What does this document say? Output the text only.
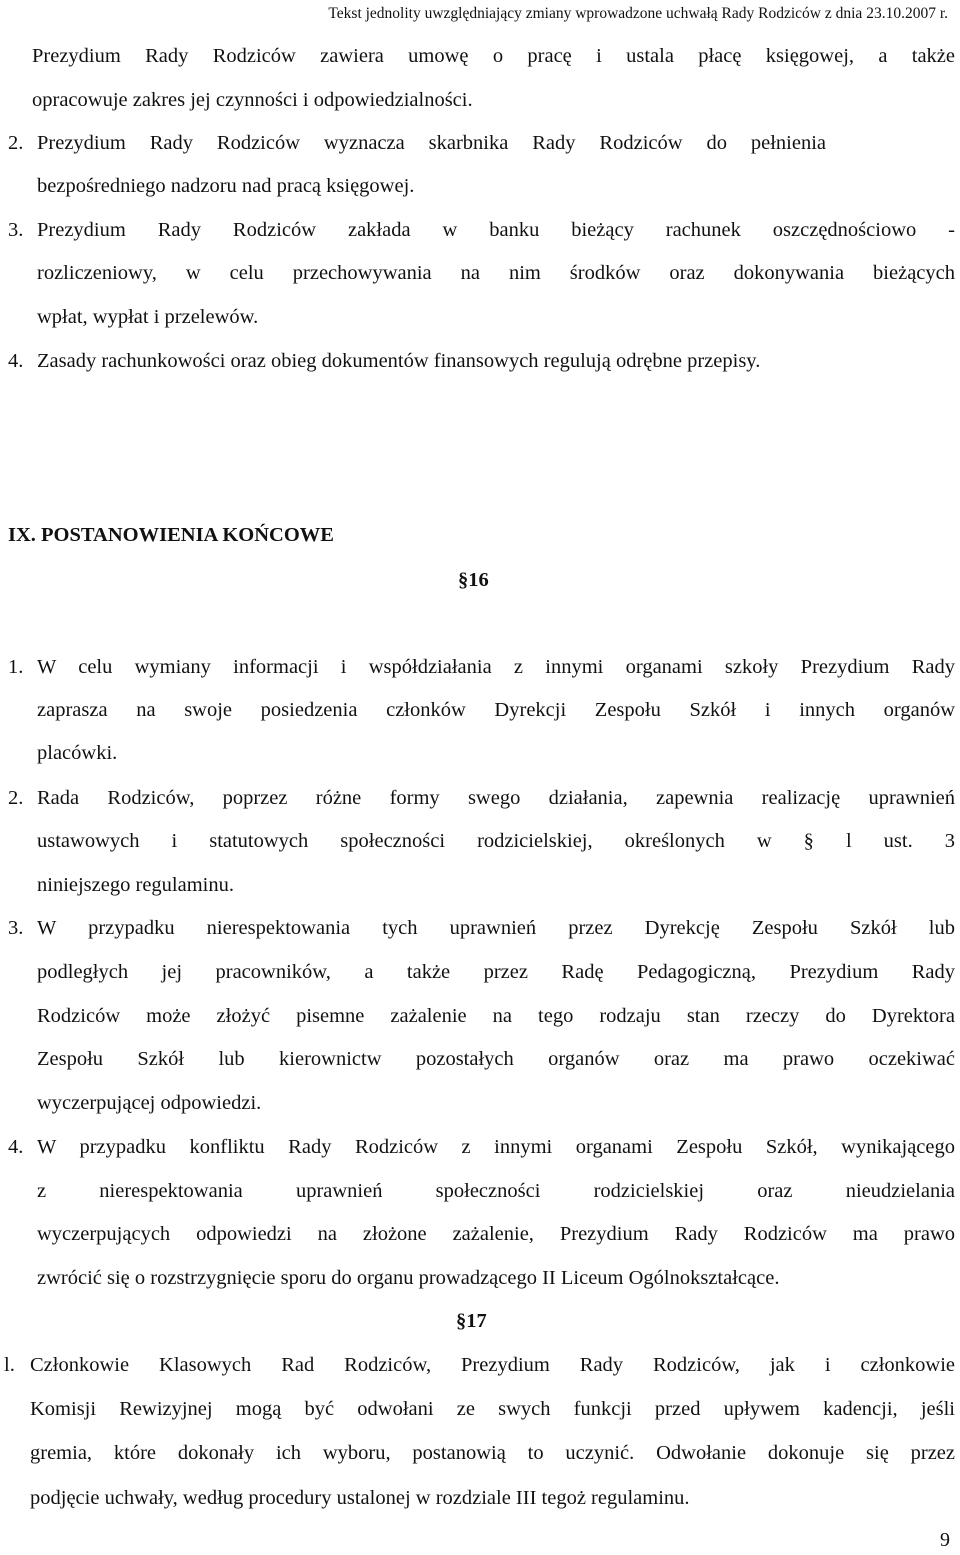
Tekst jednolity uwzględniający zmiany wprowadzone uchwałą Rady Rodziców z dnia 23.10.2007 r.
Prezydium Rady Rodziców zawiera umowę o pracę i ustala płacę księgowej, a także
opracowuje zakres jej czynności i odpowiedzialności.
2. Prezydium Rady Rodziców wyznacza skarbnika Rady Rodziców do pełnienia
bezpośredniego nadzoru nad pracą księgowej.
3. Prezydium Rady Rodziców zakłada w banku bieżący rachunek oszczędnościowo -
rozliczeniowy, w celu przechowywania na nim środków oraz dokonywania bieżących
wpłat, wypłat i przelewów.
4. Zasady rachunkowości oraz obieg dokumentów finansowych regulują odrębne przepisy.
IX. POSTANOWIENIA KOŃCOWE
§16
1. W celu wymiany informacji i współdziałania z innymi organami szkoły Prezydium Rady
zaprasza na swoje posiedzenia członków Dyrekcji Zespołu Szkół i innych organów
placówki.
2. Rada Rodziców, poprzez różne formy swego działania, zapewnia realizację uprawnień
ustawowych i statutowych społeczności rodzicielskiej, określonych w § l ust. 3
niniejszego regulaminu.
3. W przypadku nierespektowania tych uprawnień przez Dyrekcję Zespołu Szkół lub
podległych jej pracowników, a także przez Radę Pedagogiczną, Prezydium Rady
Rodziców może złożyć pisemne zażalenie na tego rodzaju stan rzeczy do Dyrektora
Zespołu Szkół lub kierownictw pozostałych organów oraz ma prawo oczekiwać
wyczerpującej odpowiedzi.
4. W przypadku konfliktu Rady Rodziców z innymi organami Zespołu Szkół, wynikającego
z nierespektowania uprawnień społeczności rodzicielskiej oraz nieudzielania
wyczerpujących odpowiedzi na złożone zażalenie, Prezydium Rady Rodziców ma prawo
zwrócić się o rozstrzygnięcie sporu do organu prowadzącego II Liceum Ogólnokształcące.
§17
l. Członkowie Klasowych Rad Rodziców, Prezydium Rady Rodziców, jak i członkowie
Komisji Rewizyjnej mogą być odwołani ze swych funkcji przed upływem kadencji, jeśli
gremia, które dokonały ich wyboru, postanowią to uczynić. Odwołanie dokonuje się przez
podjęcie uchwały, według procedury ustalonej w rozdziale III tegoż regulaminu.
9
